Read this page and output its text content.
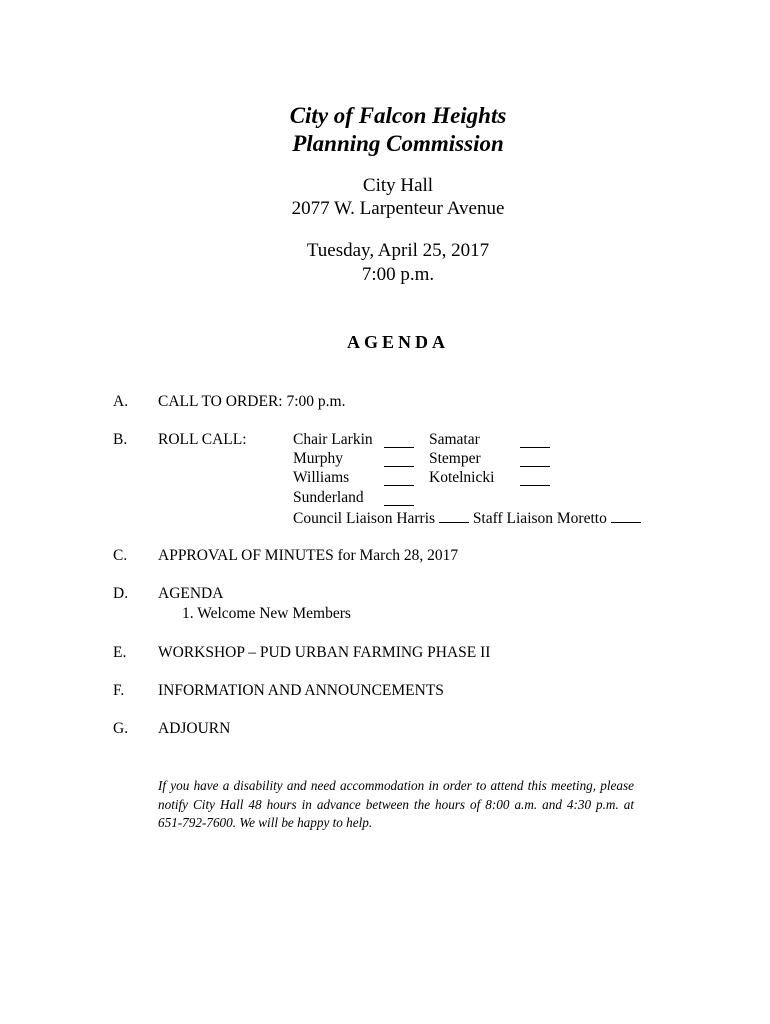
City of Falcon Heights
Planning Commission
City Hall
2077 W. Larpenteur Avenue
Tuesday, April 25, 2017
7:00 p.m.
AGENDA
A. CALL TO ORDER: 7:00 p.m.
B. ROLL CALL:	Chair Larkin	Samatar
Murphy	Stemper
Williams	Kotelnicki
Sunderland
Council Liaison Harris Staff Liaison Moretto
C. APPROVAL OF MINUTES for March 28, 2017
D. AGENDA
1. Welcome New Members
E. WORKSHOP – PUD URBAN FARMING PHASE II
F. INFORMATION AND ANNOUNCEMENTS
G. ADJOURN
If you have a disability and need accommodation in order to attend this meeting, please notify City Hall 48 hours in advance between the hours of 8:00 a.m. and 4:30 p.m. at 651-792-7600. We will be happy to help.
